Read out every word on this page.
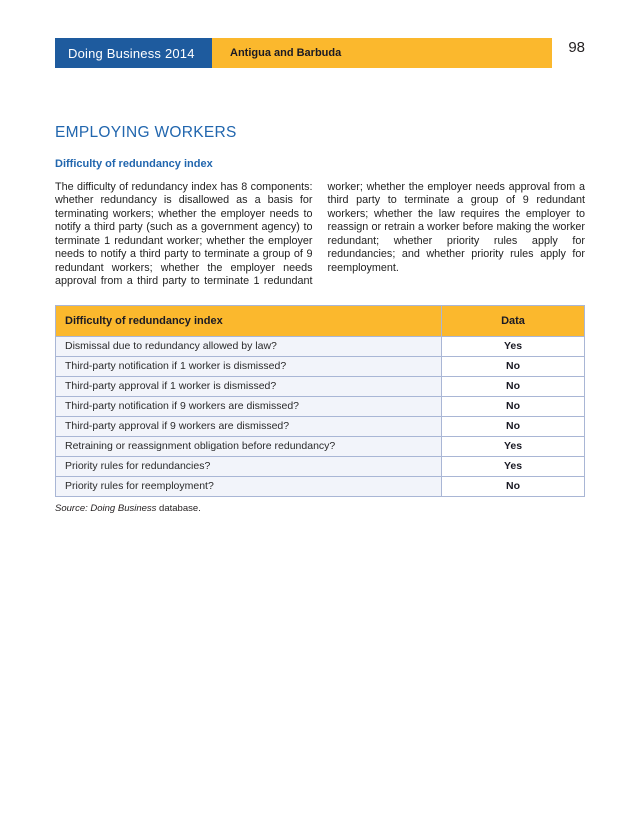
Doing Business 2014	Antigua and Barbuda	98
EMPLOYING WORKERS
Difficulty of redundancy index
The difficulty of redundancy index has 8 components: whether redundancy is disallowed as a basis for terminating workers; whether the employer needs to notify a third party (such as a government agency) to terminate 1 redundant worker; whether the employer needs to notify a third party to terminate a group of 9 redundant workers; whether the employer needs approval from a third party to terminate 1 redundant
worker; whether the employer needs approval from a third party to terminate a group of 9 redundant workers; whether the law requires the employer to reassign or retrain a worker before making the worker redundant; whether priority rules apply for redundancies; and whether priority rules apply for reemployment.
Difficulty of redundancy index	Data
Dismissal due to redundancy allowed by law?	Yes
Third-party notification if 1 worker is dismissed?	No
Third-party approval if 1 worker is dismissed?	No
Third-party notification if 9 workers are dismissed?	No
Third-party approval if 9 workers are dismissed?	No
Retraining or reassignment obligation before redundancy?	Yes
Priority rules for redundancies?	Yes
Priority rules for reemployment?	No
Source: Doing Business database.
